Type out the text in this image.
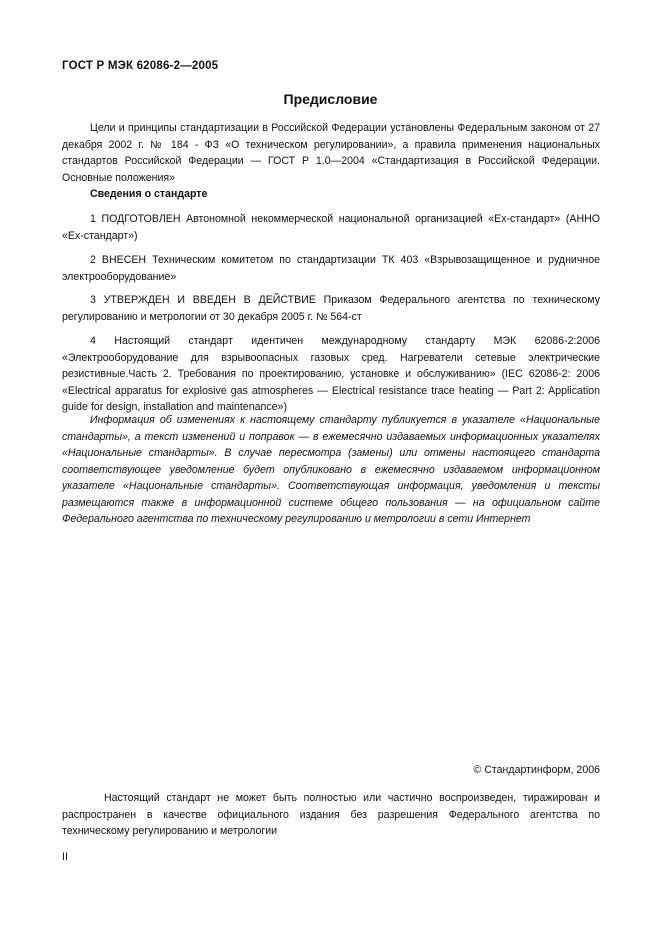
ГОСТ Р МЭК 62086-2—2005
Предисловие
Цели и принципы стандартизации в Российской Федерации установлены Федеральным законом от 27 декабря 2002 г. № 184 - ФЗ «О техническом регулировании», а правила применения национальных стандартов Российской Федерации — ГОСТ Р 1.0—2004 «Стандартизация в Российской Федерации. Основные положения»
Сведения о стандарте
1 ПОДГОТОВЛЕН Автономной некоммерческой национальной организацией «Ех-стандарт» (АННО «Ех-стандарт»)
2 ВНЕСЕН Техническим комитетом по стандартизации ТК 403 «Взрывозащищенное и рудничное электрооборудование»
3 УТВЕРЖДЕН И ВВЕДЕН В ДЕЙСТВИЕ Приказом Федерального агентства по техническому регулированию и метрологии от 30 декабря 2005 г. № 564-ст
4 Настоящий стандарт идентичен международному стандарту МЭК 62086-2:2006 «Электрооборудование для взрывоопасных газовых сред. Нагреватели сетевые электрические резистивные.Часть 2. Требования по проектированию, установке и обслуживанию» (IEC 62086-2: 2006 «Electrical apparatus for explosive gas atmospheres — Electrical resistance trace heating — Part 2: Application guide for design, installation and maintenance»)
Информация об изменениях к настоящему стандарту публикуется в указателе «Национальные стандарты», а текст изменений и поправок — в ежемесячно издаваемых информационных указателях «Национальные стандарты». В случае пересмотра (замены) или отмены настоящего стандарта соответствующее уведомление будет опубликовано в ежемесячно издаваемом информационном указателе «Национальные стандарты». Соответствующая информация, уведомления и тексты размещаются также в информационной системе общего пользования — на официальном сайте Федерального агентства по техническому регулированию и метрологии в сети Интернет
© Стандартинформ, 2006
Настоящий стандарт не может быть полностью или частично воспроизведен, тиражирован и распространен в качестве официального издания без разрешения Федерального агентства по техническому регулированию и метрологии
II
